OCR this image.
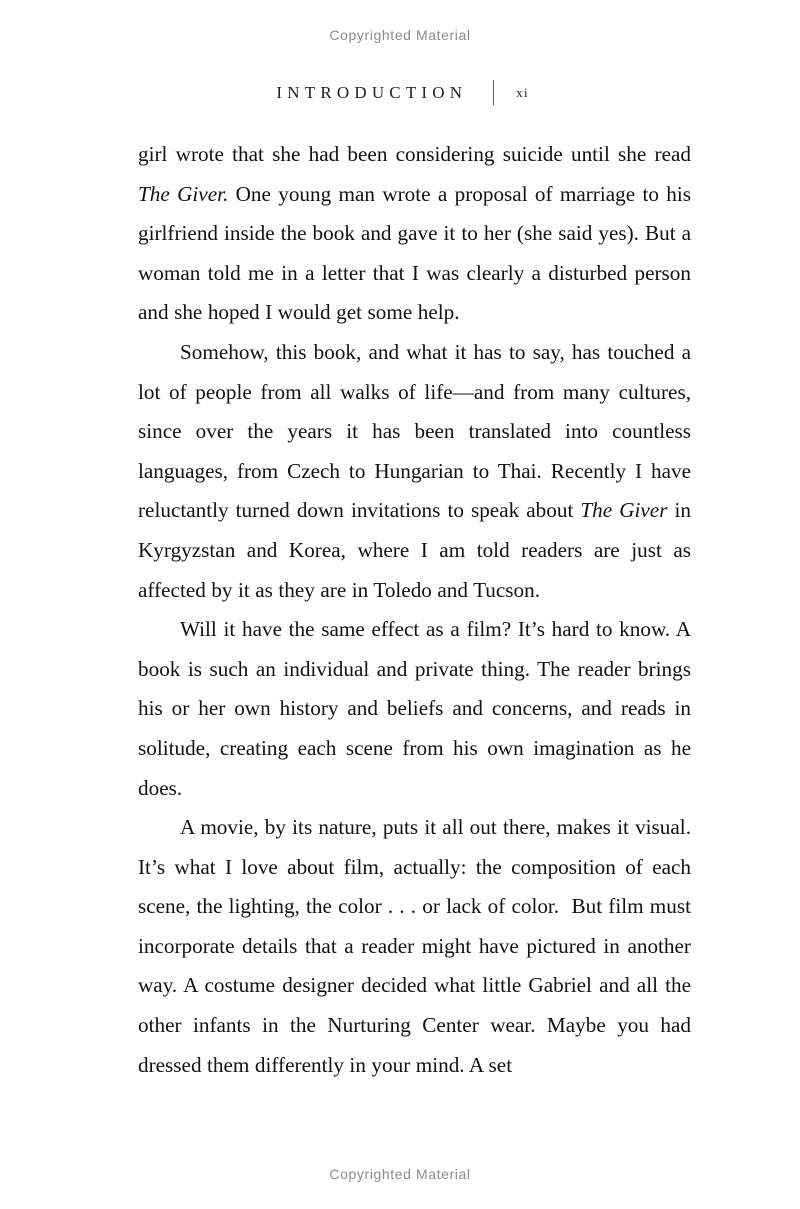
Copyrighted Material
INTRODUCTION	xi

girl wrote that she had been considering suicide until she read The Giver. One young man wrote a proposal of marriage to his girlfriend inside the book and gave it to her (she said yes). But a woman told me in a letter that I was clearly a disturbed person and she hoped I would get some help.

Somehow, this book, and what it has to say, has touched a lot of people from all walks of life—and from many cultures, since over the years it has been translated into countless languages, from Czech to Hungarian to Thai. Recently I have reluctantly turned down invitations to speak about The Giver in Kyrgyzstan and Korea, where I am told readers are just as affected by it as they are in Toledo and Tucson.

Will it have the same effect as a film? It’s hard to know. A book is such an individual and private thing. The reader brings his or her own history and beliefs and concerns, and reads in solitude, creating each scene from his own imagination as he does.

A movie, by its nature, puts it all out there, makes it visual. It’s what I love about film, actually: the composition of each scene, the lighting, the color . . . or lack of color.  But film must incorporate details that a reader might have pictured in another way. A costume designer decided what little Gabriel and all the other infants in the Nurturing Center wear. Maybe you had dressed them differently in your mind. A set

Copyrighted Material
